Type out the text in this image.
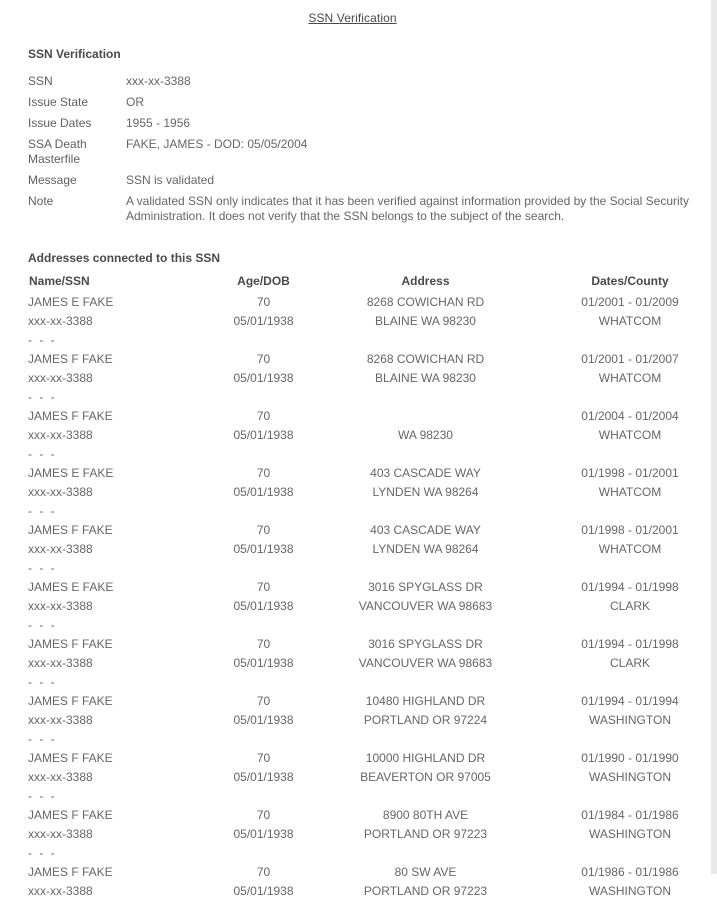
SSN Verification
SSN Verification
SSN	xxx-xx-3388
Issue State	OR
Issue Dates	1955 - 1956
SSA Death Masterfile	FAKE, JAMES - DOD: 05/05/2004
Message	SSN is validated
Note	A validated SSN only indicates that it has been verified against information provided by the Social Security Administration. It does not verify that the SSN belongs to the subject of the search.
Addresses connected to this SSN
Name/SSN	Age/DOB	Address	Dates/County
JAMES E FAKE	70	8268 COWICHAN RD	01/2001 - 01/2009
xxx-xx-3388	05/01/1938	BLAINE WA 98230	WHATCOM
- - -			
JAMES F FAKE	70	8268 COWICHAN RD	01/2001 - 01/2007
xxx-xx-3388	05/01/1938	BLAINE WA 98230	WHATCOM
- - -			
JAMES F FAKE	70		01/2004 - 01/2004
xxx-xx-3388	05/01/1938	WA 98230	WHATCOM
- - -			
JAMES E FAKE	70	403 CASCADE WAY	01/1998 - 01/2001
xxx-xx-3388	05/01/1938	LYNDEN WA 98264	WHATCOM
- - -			
JAMES F FAKE	70	403 CASCADE WAY	01/1998 - 01/2001
xxx-xx-3388	05/01/1938	LYNDEN WA 98264	WHATCOM
- - -			
JAMES E FAKE	70	3016 SPYGLASS DR	01/1994 - 01/1998
xxx-xx-3388	05/01/1938	VANCOUVER WA 98683	CLARK
- - -			
JAMES F FAKE	70	3016 SPYGLASS DR	01/1994 - 01/1998
xxx-xx-3388	05/01/1938	VANCOUVER WA 98683	CLARK
- - -			
JAMES F FAKE	70	10480 HIGHLAND DR	01/1994 - 01/1994
xxx-xx-3388	05/01/1938	PORTLAND OR 97224	WASHINGTON
- - -			
JAMES F FAKE	70	10000 HIGHLAND DR	01/1990 - 01/1990
xxx-xx-3388	05/01/1938	BEAVERTON OR 97005	WASHINGTON
- - -			
JAMES F FAKE	70	8900 80TH AVE	01/1984 - 01/1986
xxx-xx-3388	05/01/1938	PORTLAND OR 97223	WASHINGTON
- - -			
JAMES F FAKE	70	80 SW AVE	01/1986 - 01/1986
xxx-xx-3388	05/01/1938	PORTLAND OR 97223	WASHINGTON
